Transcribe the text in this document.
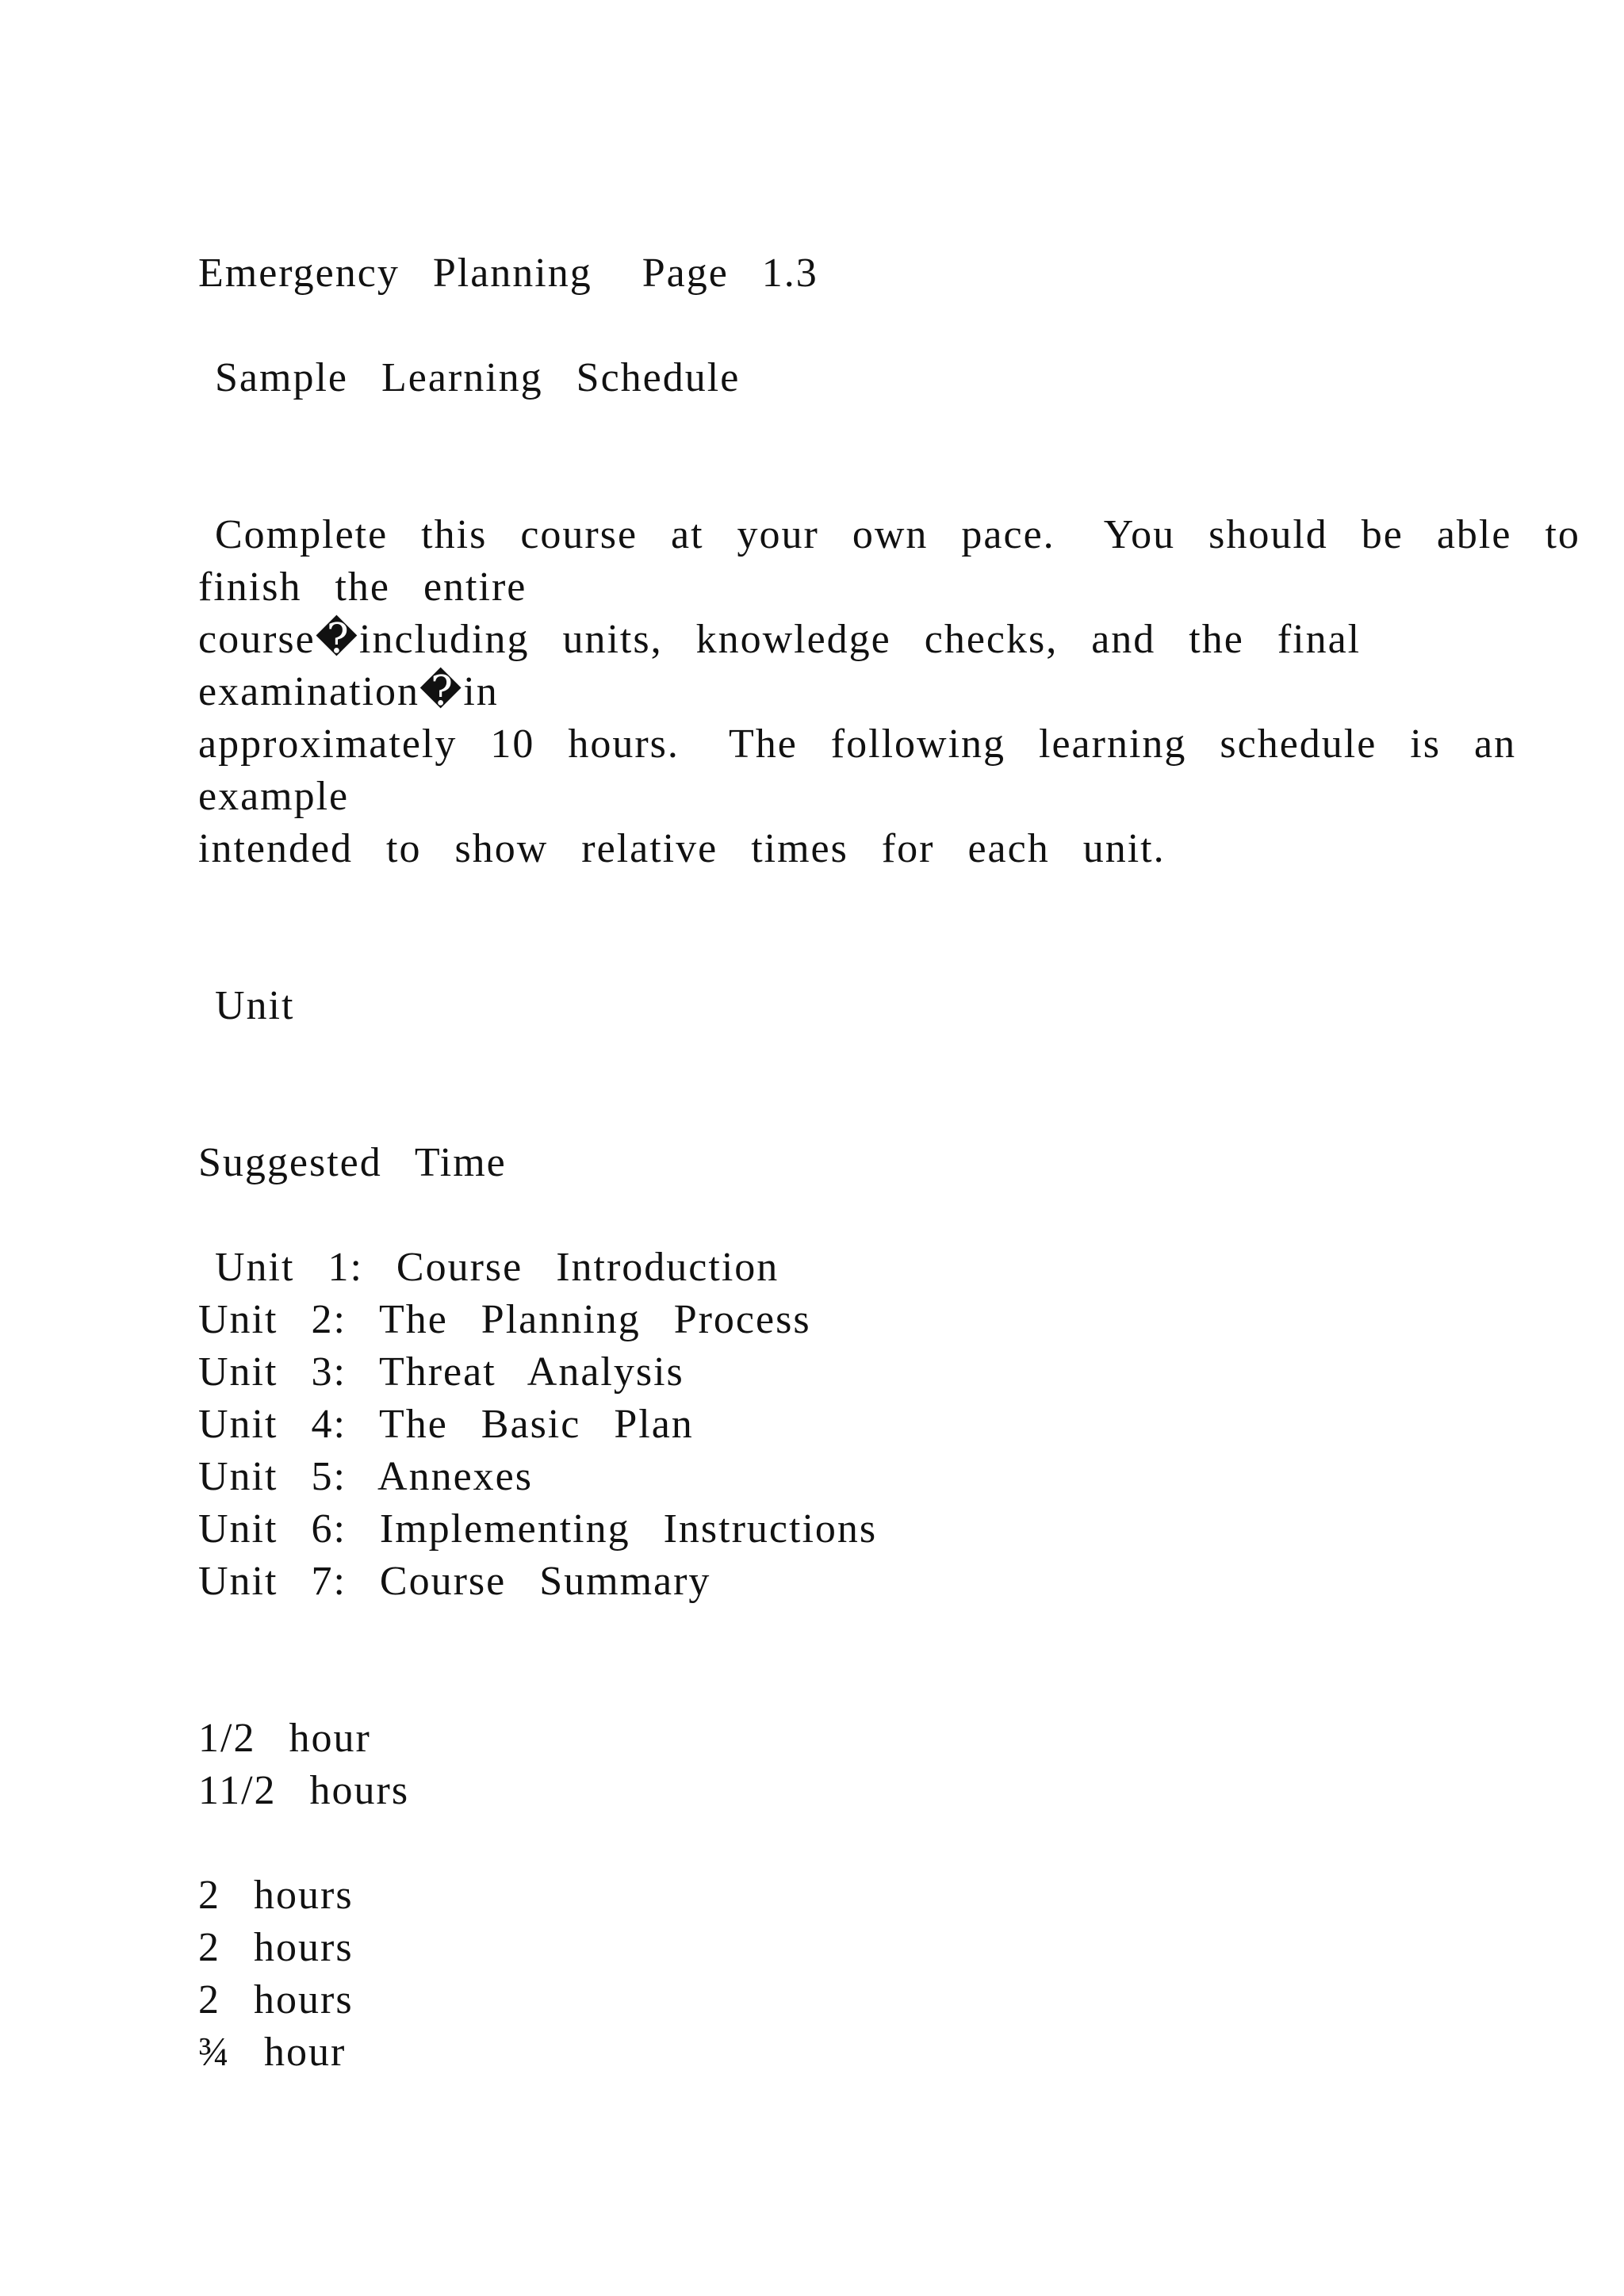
Emergency  Planning   Page  1.3
Sample  Learning  Schedule
Complete  this  course  at  your  own  pace.   You  should  be  able  to
finish  the  entire
course�including  units,  knowledge  checks,  and  the  final
examination�in
approximately  10  hours.   The  following  learning  schedule  is  an
example
intended  to  show  relative  times  for  each  unit.
Unit
Suggested  Time
Unit  1:  Course  Introduction
Unit  2:  The  Planning  Process
Unit  3:  Threat  Analysis
Unit  4:  The  Basic  Plan
Unit  5:  Annexes
Unit  6:  Implementing  Instructions
Unit  7:  Course  Summary
1/2  hour
11/2  hours
2  hours
2  hours
2  hours
¾  hour
